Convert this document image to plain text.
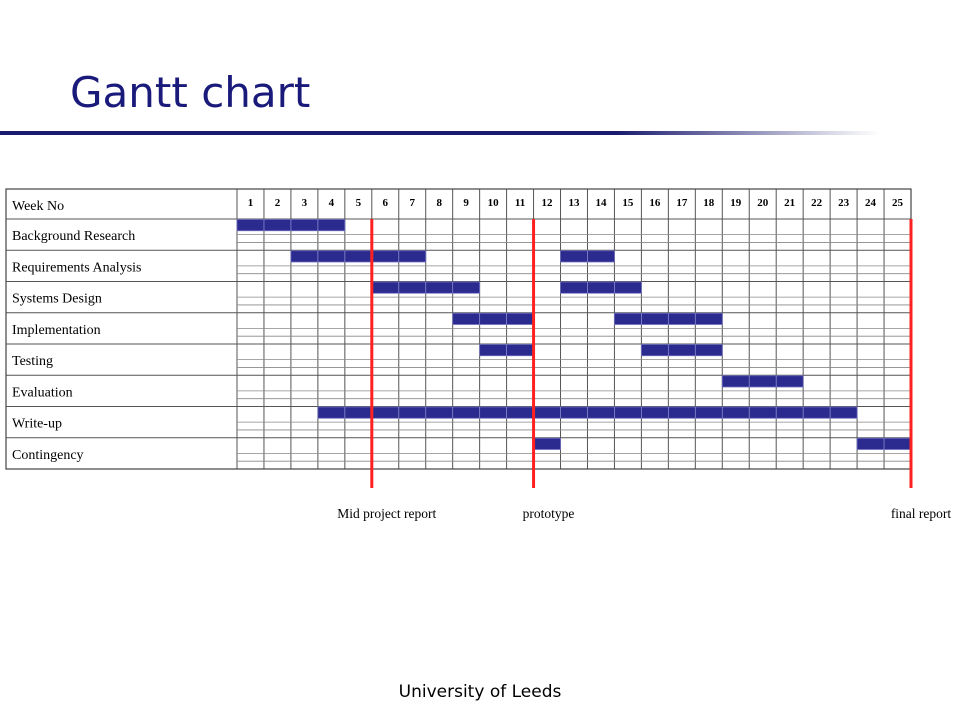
Gantt chart
Week No	1 2 3 4 5 6 7 8 9 10 11 12 13 14 15 16 17 18 19 20 21 22 23 24 25
Background Research
Requirements Analysis
Systems Design
Implementation
Testing
Evaluation
Write-up
Contingency
Mid project report	prototype	final report
University of Leeds
